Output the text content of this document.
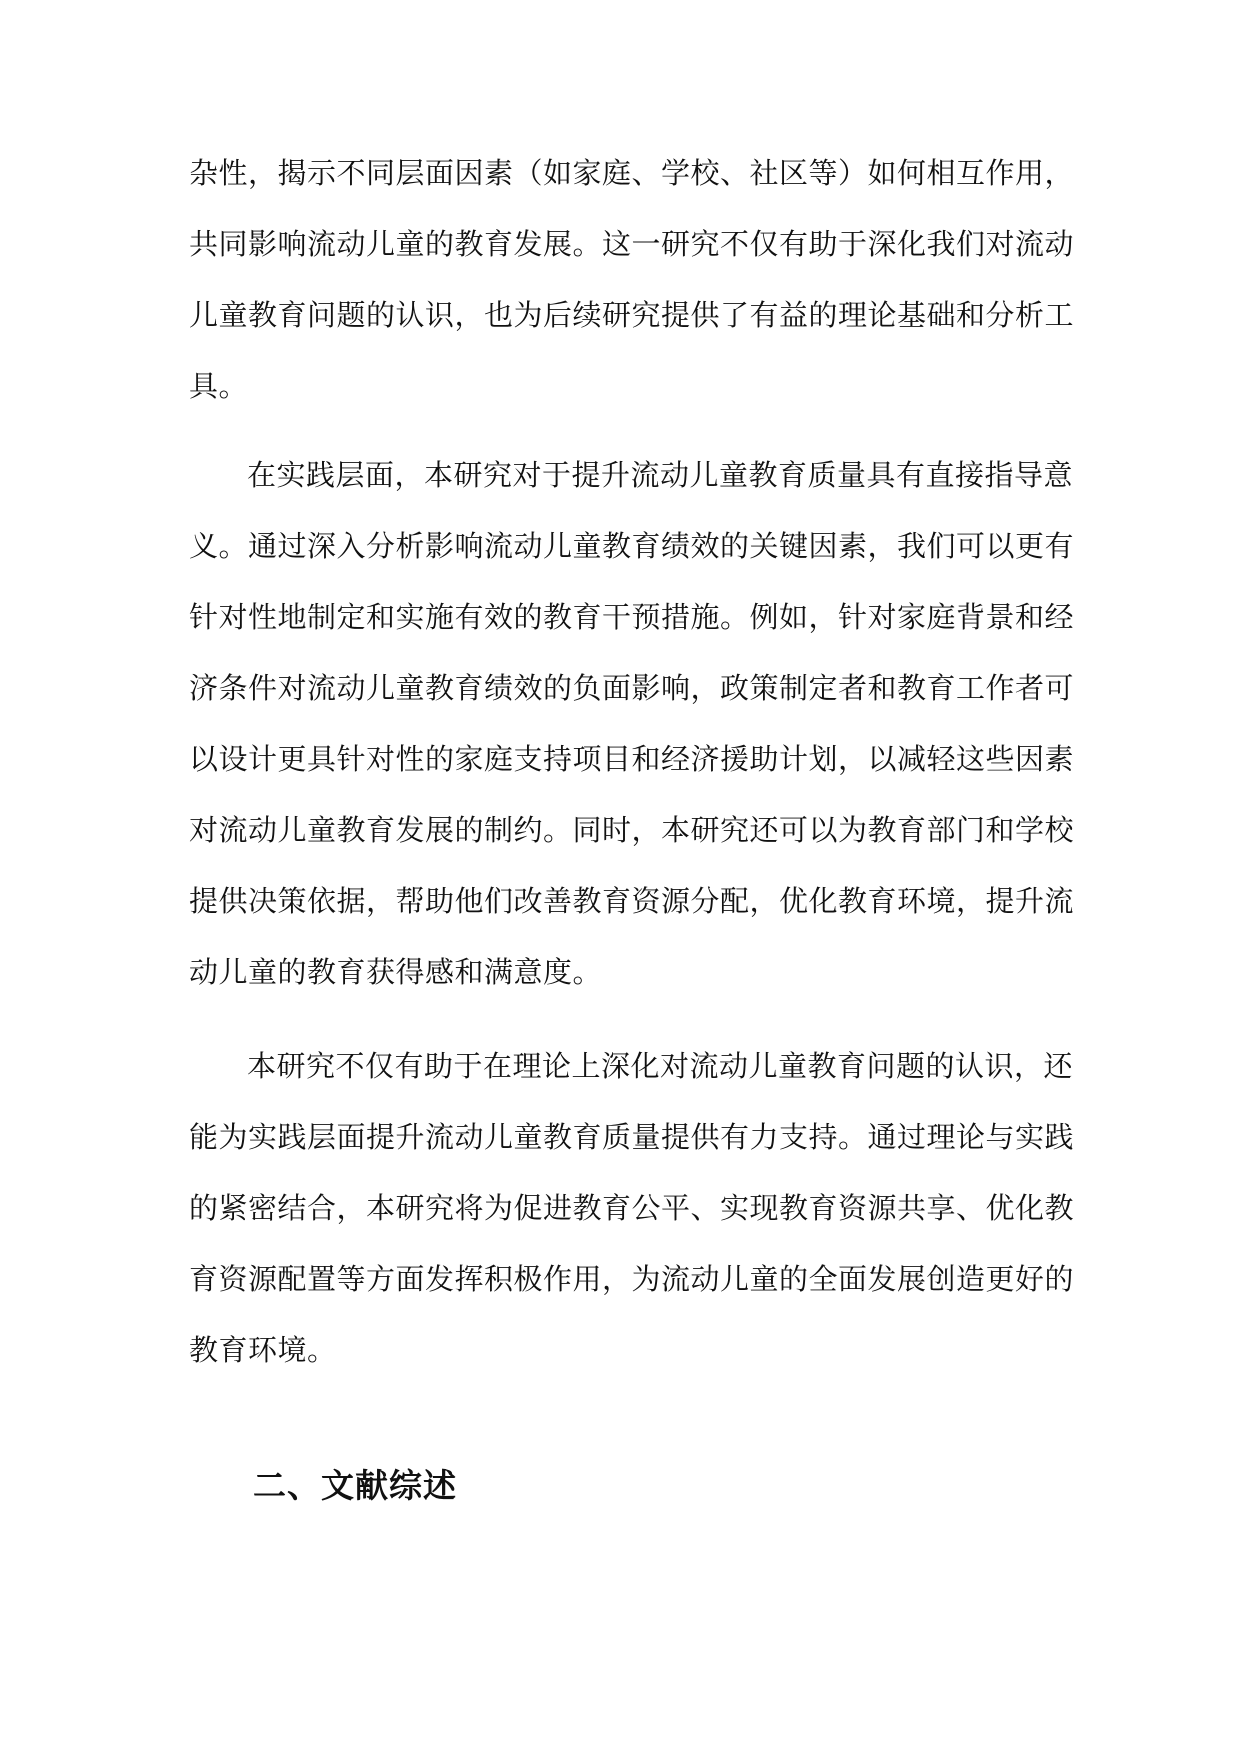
杂性，揭示不同层面因素（如家庭、学校、社区等）如何相互作用，
共同影响流动儿童的教育发展。这一研究不仅有助于深化我们对流动
儿童教育问题的认识，也为后续研究提供了有益的理论基础和分析工
具。
在实践层面，本研究对于提升流动儿童教育质量具有直接指导意
义。通过深入分析影响流动儿童教育绩效的关键因素，我们可以更有
针对性地制定和实施有效的教育干预措施。例如，针对家庭背景和经
济条件对流动儿童教育绩效的负面影响，政策制定者和教育工作者可
以设计更具针对性的家庭支持项目和经济援助计划，以减轻这些因素
对流动儿童教育发展的制约。同时，本研究还可以为教育部门和学校
提供决策依据，帮助他们改善教育资源分配，优化教育环境，提升流
动儿童的教育获得感和满意度。
本研究不仅有助于在理论上深化对流动儿童教育问题的认识，还
能为实践层面提升流动儿童教育质量提供有力支持。通过理论与实践
的紧密结合，本研究将为促进教育公平、实现教育资源共享、优化教
育资源配置等方面发挥积极作用，为流动儿童的全面发展创造更好的
教育环境。
二、文献综述
